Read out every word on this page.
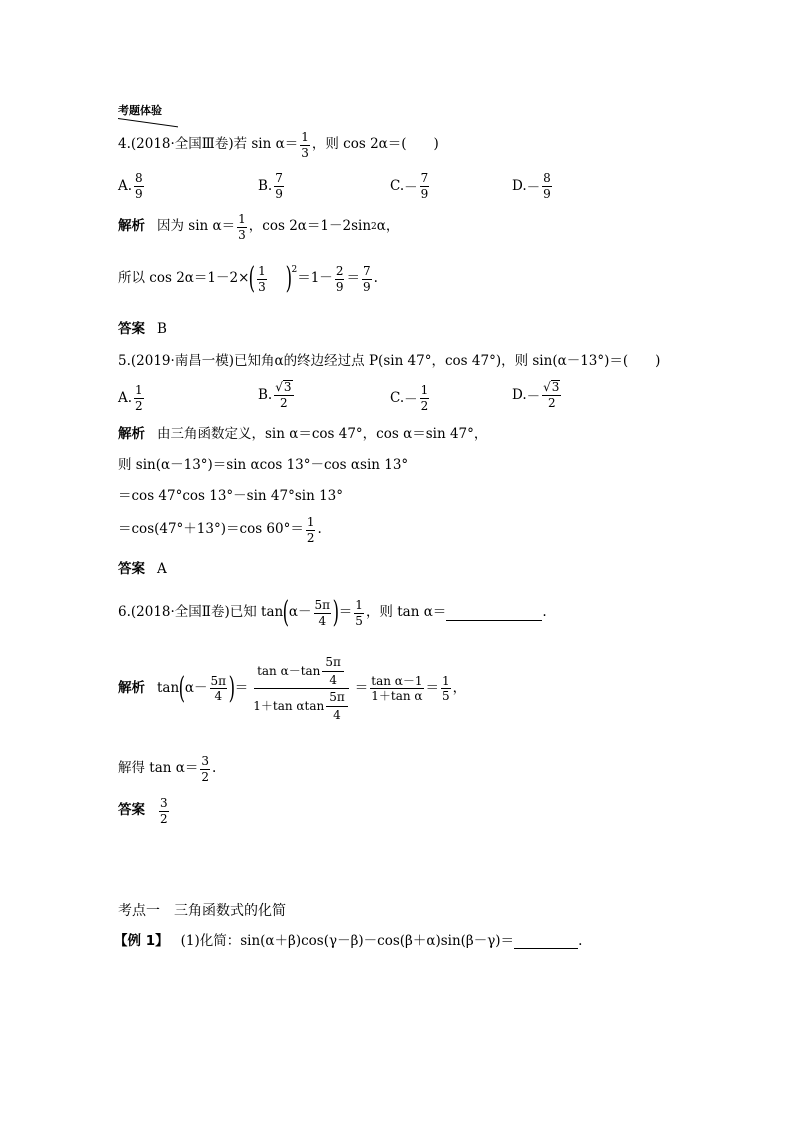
考题体验
4.(2018·全国Ⅲ卷)若 $\sin \alpha= \frac{1}{3}$ ，则 cos 2α＝(　　)
A. $\frac{8}{9}$	B. $\frac{7}{9}$	C. － $\frac{7}{9}$	D. － $\frac{8}{9}$
解析 因为 $\sin \alpha= \frac{1}{3}$ ，cos 2α＝1－2sin 2 α，
所以 cos 2α＝1－2× ( $\frac{1}{3} )^2$
$=1- \frac{2}{9} = \frac{7}{9}$ .
答案 B
5.(2019·南昌一模)已知角α的终边经过点 P(sin 47°，cos 47°)，则 sin(α－13°)＝(　　)
A. $\frac{1}{2}$	B. $\frac{√ 3}{2}$	C. － $\frac{1}{2}$	D. － $\frac{√ 3}{2}$
解析 由三角函数定义，sin α＝cos 47°，cos α＝sin 47°，
则 sin(α－13°)＝sin αcos 13°－cos αsin 13°
＝cos 47°cos 13°－sin 47°sin 13°
＝cos(47°＋13°)＝cos $60^\circ= \frac{1}{2}$ .
答案 A
6.(2018·全国Ⅱ卷)已知 tan ( $\alpha- \frac{5\pi}{4}$ ) ＝ $\frac{1}{5}$ ，则 tan α＝	.
解析 tan ( $\alpha- \frac{5\pi}{4}$ ) ＝ $\frac{\tan \alpha-\tan \frac{5\pi}{4}}{1+\tan \alpha\tan \frac{5\pi}{4}} = \frac{\text{tan α－1}}{\text{1＋tan α}} = \frac{1}{5}$ ，
解得 $\tan \alpha= \frac{3}{2}$ .
答案 $\frac{3}{2}$
考点一　三角函数式的化简
【例 1】 (1)化简：sin(α＋β)cos(γ－β)－cos(β＋α)sin(β－γ)＝	.
